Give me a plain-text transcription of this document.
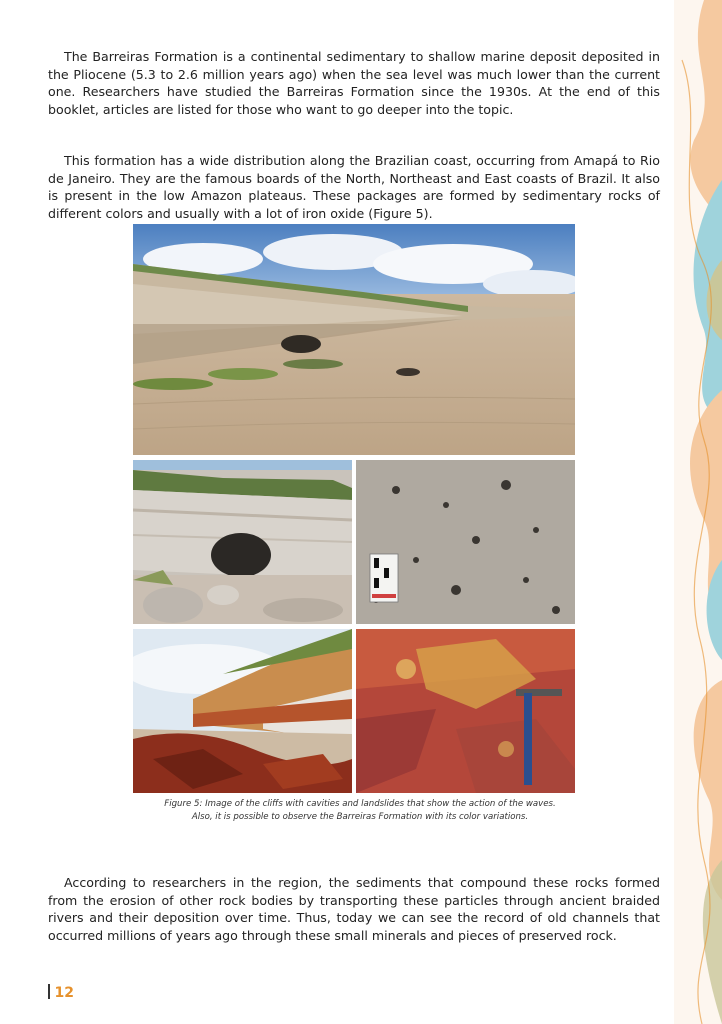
The Barreiras Formation is a continental sedimentary to shallow marine deposit deposited in the Pliocene (5.3 to 2.6 million years ago) when the sea level was much lower than the current one. Researchers have studied the Barreiras Formation since the 1930s. At the end of this booklet, articles are listed for those who want to go deeper into the topic.

This formation has a wide distribution along the Brazilian coast, occurring from Amapá to Rio de Janeiro. They are the famous boards of the North, Northeast and East coasts of Brazil. It also is present in the low Amazon plateaus. These packages are formed by sedimentary rocks of different colors and usually with a lot of iron oxide (Figure 5).

Figure 5: Image of the cliffs with cavities and landslides that show the action of the waves.
Also, it is possible to observe the Barreiras Formation with its color variations.

According to researchers in the region, the sediments that compound these rocks formed from the erosion of other rock bodies by transporting these particles through ancient braided rivers and their deposition over time. Thus, today we can see the record of old channels that occurred millions of years ago through these small minerals and pieces of preserved rock.

12
